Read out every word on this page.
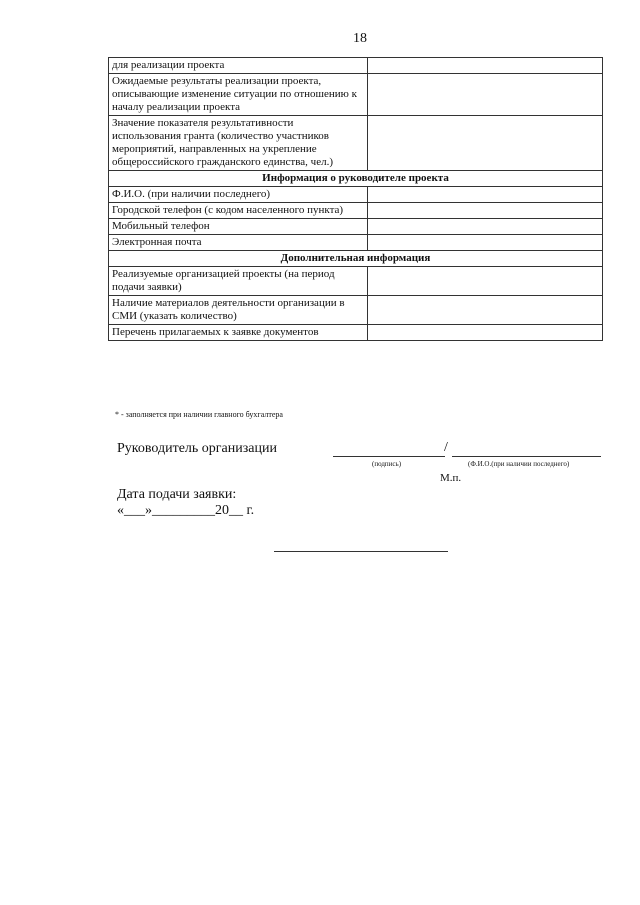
18
для реализации проекта	
Ожидаемые результаты реализации проекта, описывающие изменение ситуации по отношению к началу реализации проекта	
Значение показателя результативности использования гранта (количество участников мероприятий, направленных на укрепление общероссийского гражданского единства, чел.)	
Информация о руководителе проекта	
Ф.И.О. (при наличии последнего)	
Городской телефон (с кодом населенного пункта)	
Мобильный телефон	
Электронная почта	
Дополнительная информация	
Реализуемые организацией проекты (на период подачи заявки)	
Наличие материалов деятельности организации в СМИ (указать количество)	
Перечень прилагаемых к заявке документов	
* - заполняется при наличии главного бухгалтера
Руководитель организации	/
(подпись)	(Ф.И.О.(при наличии последнего)
М.п.
Дата подачи заявки:
«___»_________20__ г.
